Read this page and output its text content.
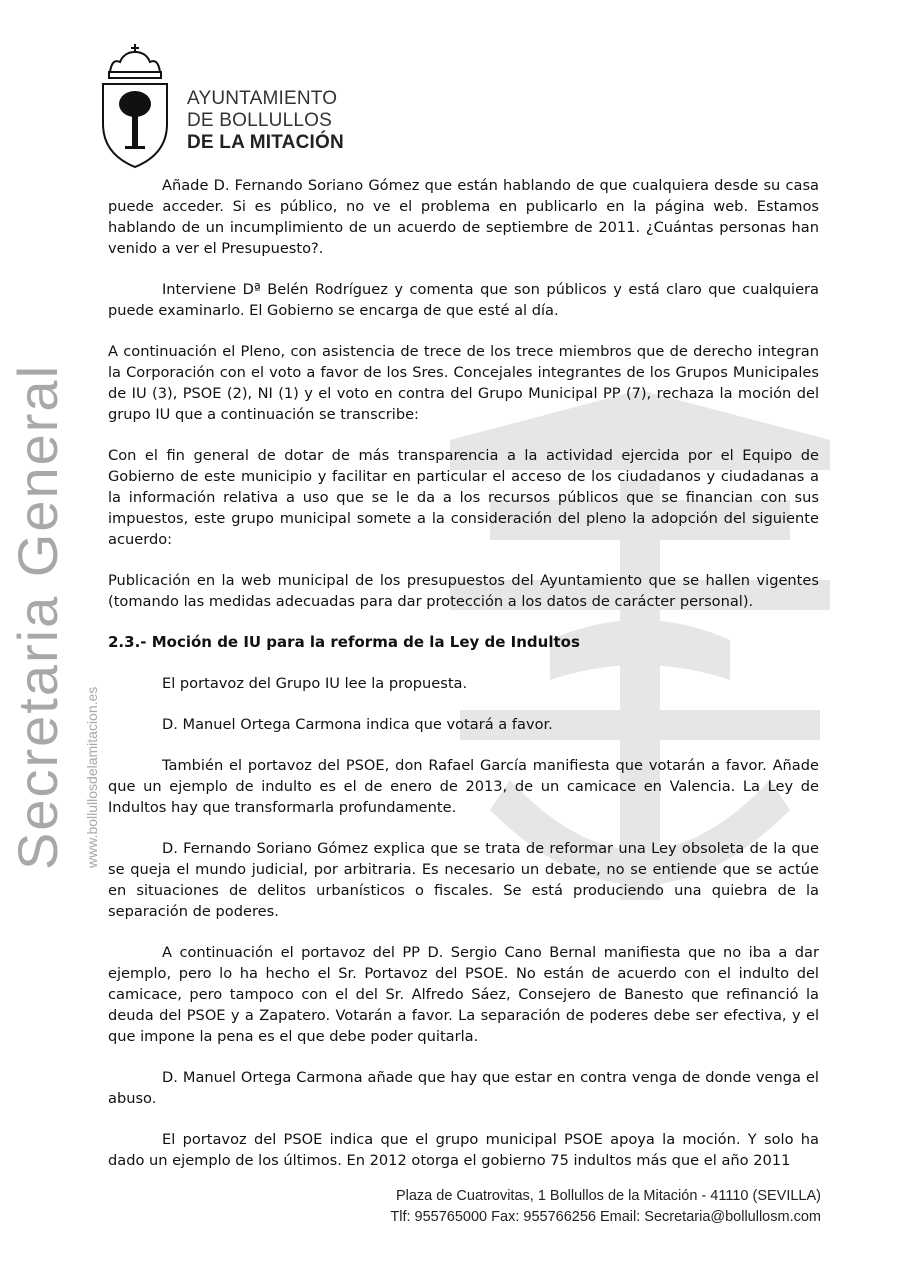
AYUNTAMIENTO
DE BOLLULLOS
DE LA MITACIÓN
Secretaria General www.bollullosdelamitacion.es

Añade D. Fernando Soriano Gómez que están hablando de que cualquiera desde su casa puede acceder. Si es público, no ve el problema en publicarlo en la página web. Estamos hablando de un incumplimiento de un acuerdo de septiembre de 2011. ¿Cuántas personas han venido a ver el Presupuesto?.

Interviene Dª Belén Rodríguez y comenta que son públicos y está claro que cualquiera puede examinarlo. El Gobierno se encarga de que esté al día.

A continuación el Pleno, con asistencia de trece de los trece miembros que de derecho integran la Corporación con el voto a favor de los Sres. Concejales integrantes de los Grupos Municipales de IU (3), PSOE (2), NI (1) y el voto en contra del Grupo Municipal PP (7), rechaza la moción del grupo IU que a continuación se transcribe:

Con el fin general de dotar de más transparencia a la actividad ejercida por el Equipo de Gobierno de este municipio y facilitar en particular el acceso de los ciudadanos y ciudadanas a la información relativa a uso que se le da a los recursos públicos que se financian con sus impuestos, este grupo municipal somete a la consideración del pleno la adopción del siguiente acuerdo:

Publicación en la web municipal de los presupuestos del Ayuntamiento que se hallen vigentes (tomando las medidas adecuadas para dar protección a los datos de carácter personal).

2.3.- Moción de IU para la reforma de la Ley de Indultos

El portavoz del Grupo IU lee la propuesta.

D. Manuel Ortega Carmona indica que votará a favor.

También el portavoz del PSOE, don Rafael García manifiesta que votarán a favor. Añade que un ejemplo de indulto es el de enero de 2013, de un camicace en Valencia. La Ley de Indultos hay que transformarla profundamente.

D. Fernando Soriano Gómez explica que se trata de reformar una Ley obsoleta de la que se queja el mundo judicial, por arbitraria. Es necesario un debate, no se entiende que se actúe en situaciones de delitos urbanísticos o fiscales. Se está produciendo una quiebra de la separación de poderes.

A continuación el portavoz del PP D. Sergio Cano Bernal manifiesta que no iba a dar ejemplo, pero lo ha hecho el Sr. Portavoz del PSOE. No están de acuerdo con el indulto del camicace, pero tampoco con el del Sr. Alfredo Sáez, Consejero de Banesto que refinanció la deuda del PSOE y a Zapatero. Votarán a favor. La separación de poderes debe ser efectiva, y el que impone la pena es el que debe poder quitarla.

D. Manuel Ortega Carmona añade que hay que estar en contra venga de donde venga el abuso.

El portavoz del PSOE indica que el grupo municipal PSOE apoya la moción. Y solo ha dado un ejemplo de los últimos. En 2012 otorga el gobierno 75 indultos más que el año 2011

Plaza de Cuatrovitas, 1 Bollullos de la Mitación - 41110 (SEVILLA)
Tlf: 955765000 Fax: 955766256 Email: Secretaria@bollullosm.com
